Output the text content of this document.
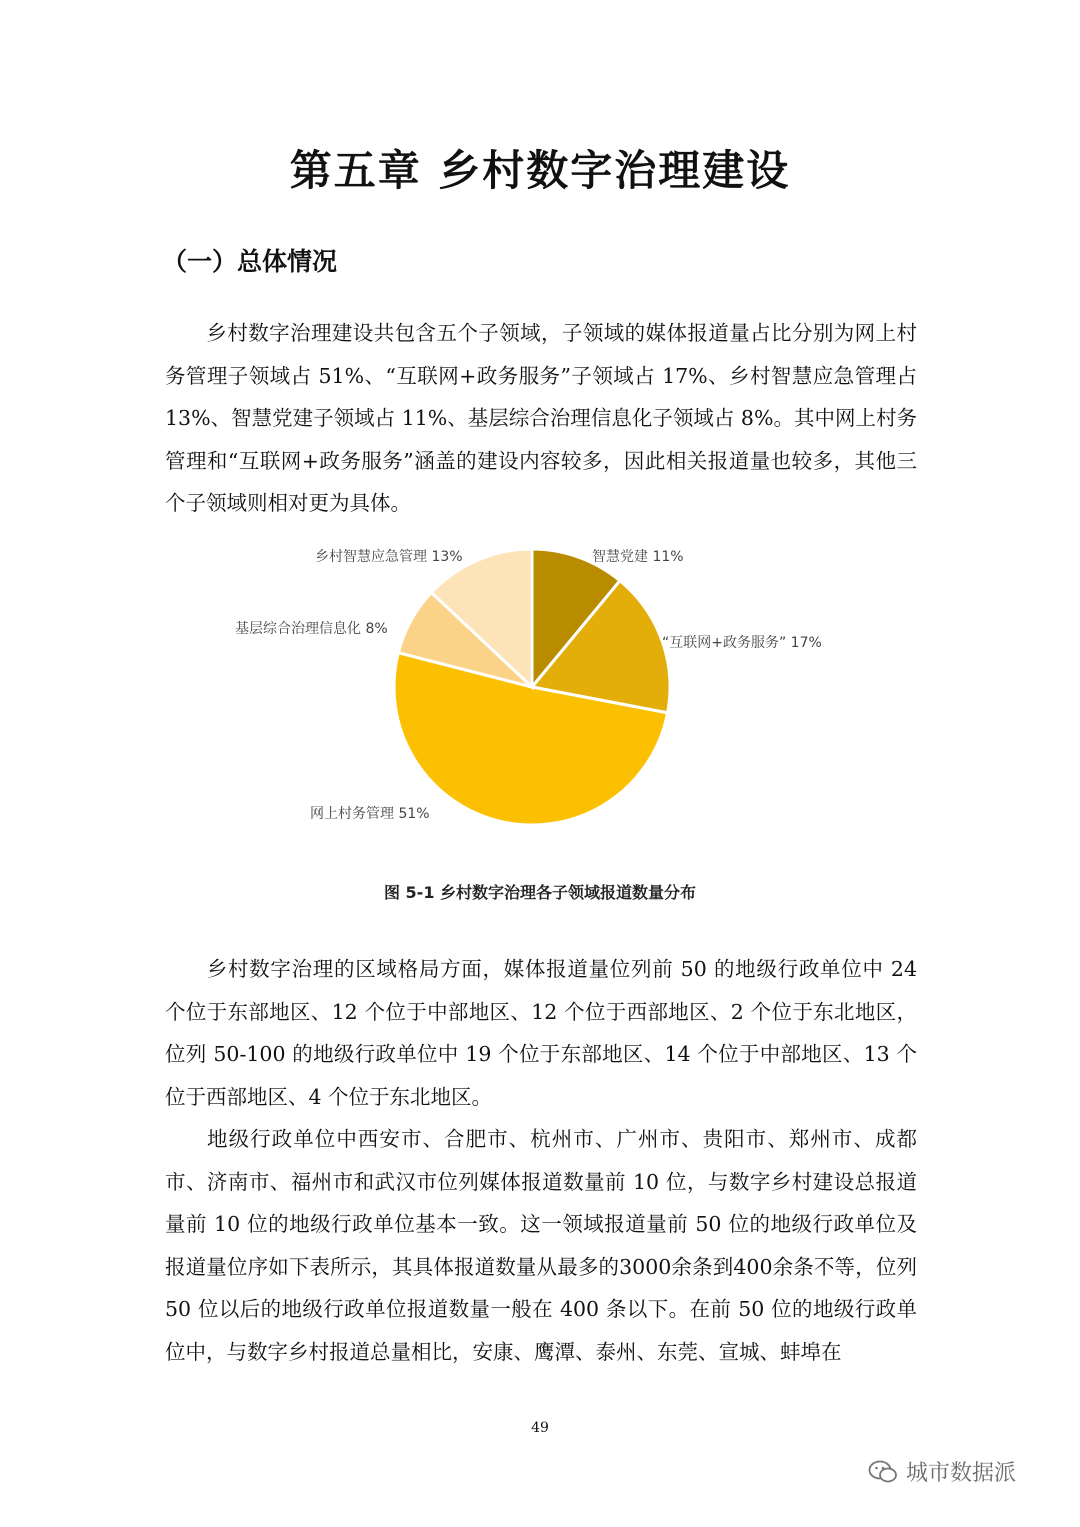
第五章 乡村数字治理建设
（一）总体情况

乡村数字治理建设共包含五个子领域，子领域的媒体报道量占比分别为网上村务管理子领域占 51%、“互联网+政务服务”子领域占 17%、乡村智慧应急管理占 13%、智慧党建子领域占 11%、基层综合治理信息化子领域占 8%。其中网上村务管理和“互联网+政务服务”涵盖的建设内容较多，因此相关报道量也较多，其他三个子领域则相对更为具体。

智慧党建 11%
“互联网+政务服务” 17%
网上村务管理 51%
基层综合治理信息化 8%
乡村智慧应急管理 13%
图 5-1 乡村数字治理各子领域报道数量分布

乡村数字治理的区域格局方面，媒体报道量位列前 50 的地级行政单位中 24 个位于东部地区、12 个位于中部地区、12 个位于西部地区、2 个位于东北地区，位列 50-100 的地级行政单位中 19 个位于东部地区、14 个位于中部地区、13 个位于西部地区、4 个位于东北地区。

地级行政单位中西安市、合肥市、杭州市、广州市、贵阳市、郑州市、成都市、济南市、福州市和武汉市位列媒体报道数量前 10 位，与数字乡村建设总报道量前 10 位的地级行政单位基本一致。这一领域报道量前 50 位的地级行政单位及报道量位序如下表所示，其具体报道数量从最多的3000余条到400余条不等，位列 50 位以后的地级行政单位报道数量一般在 400 条以下。在前 50 位的地级行政单位中，与数字乡村报道总量相比，安康、鹰潭、泰州、东莞、宣城、蚌埠在

49
城市数据派
